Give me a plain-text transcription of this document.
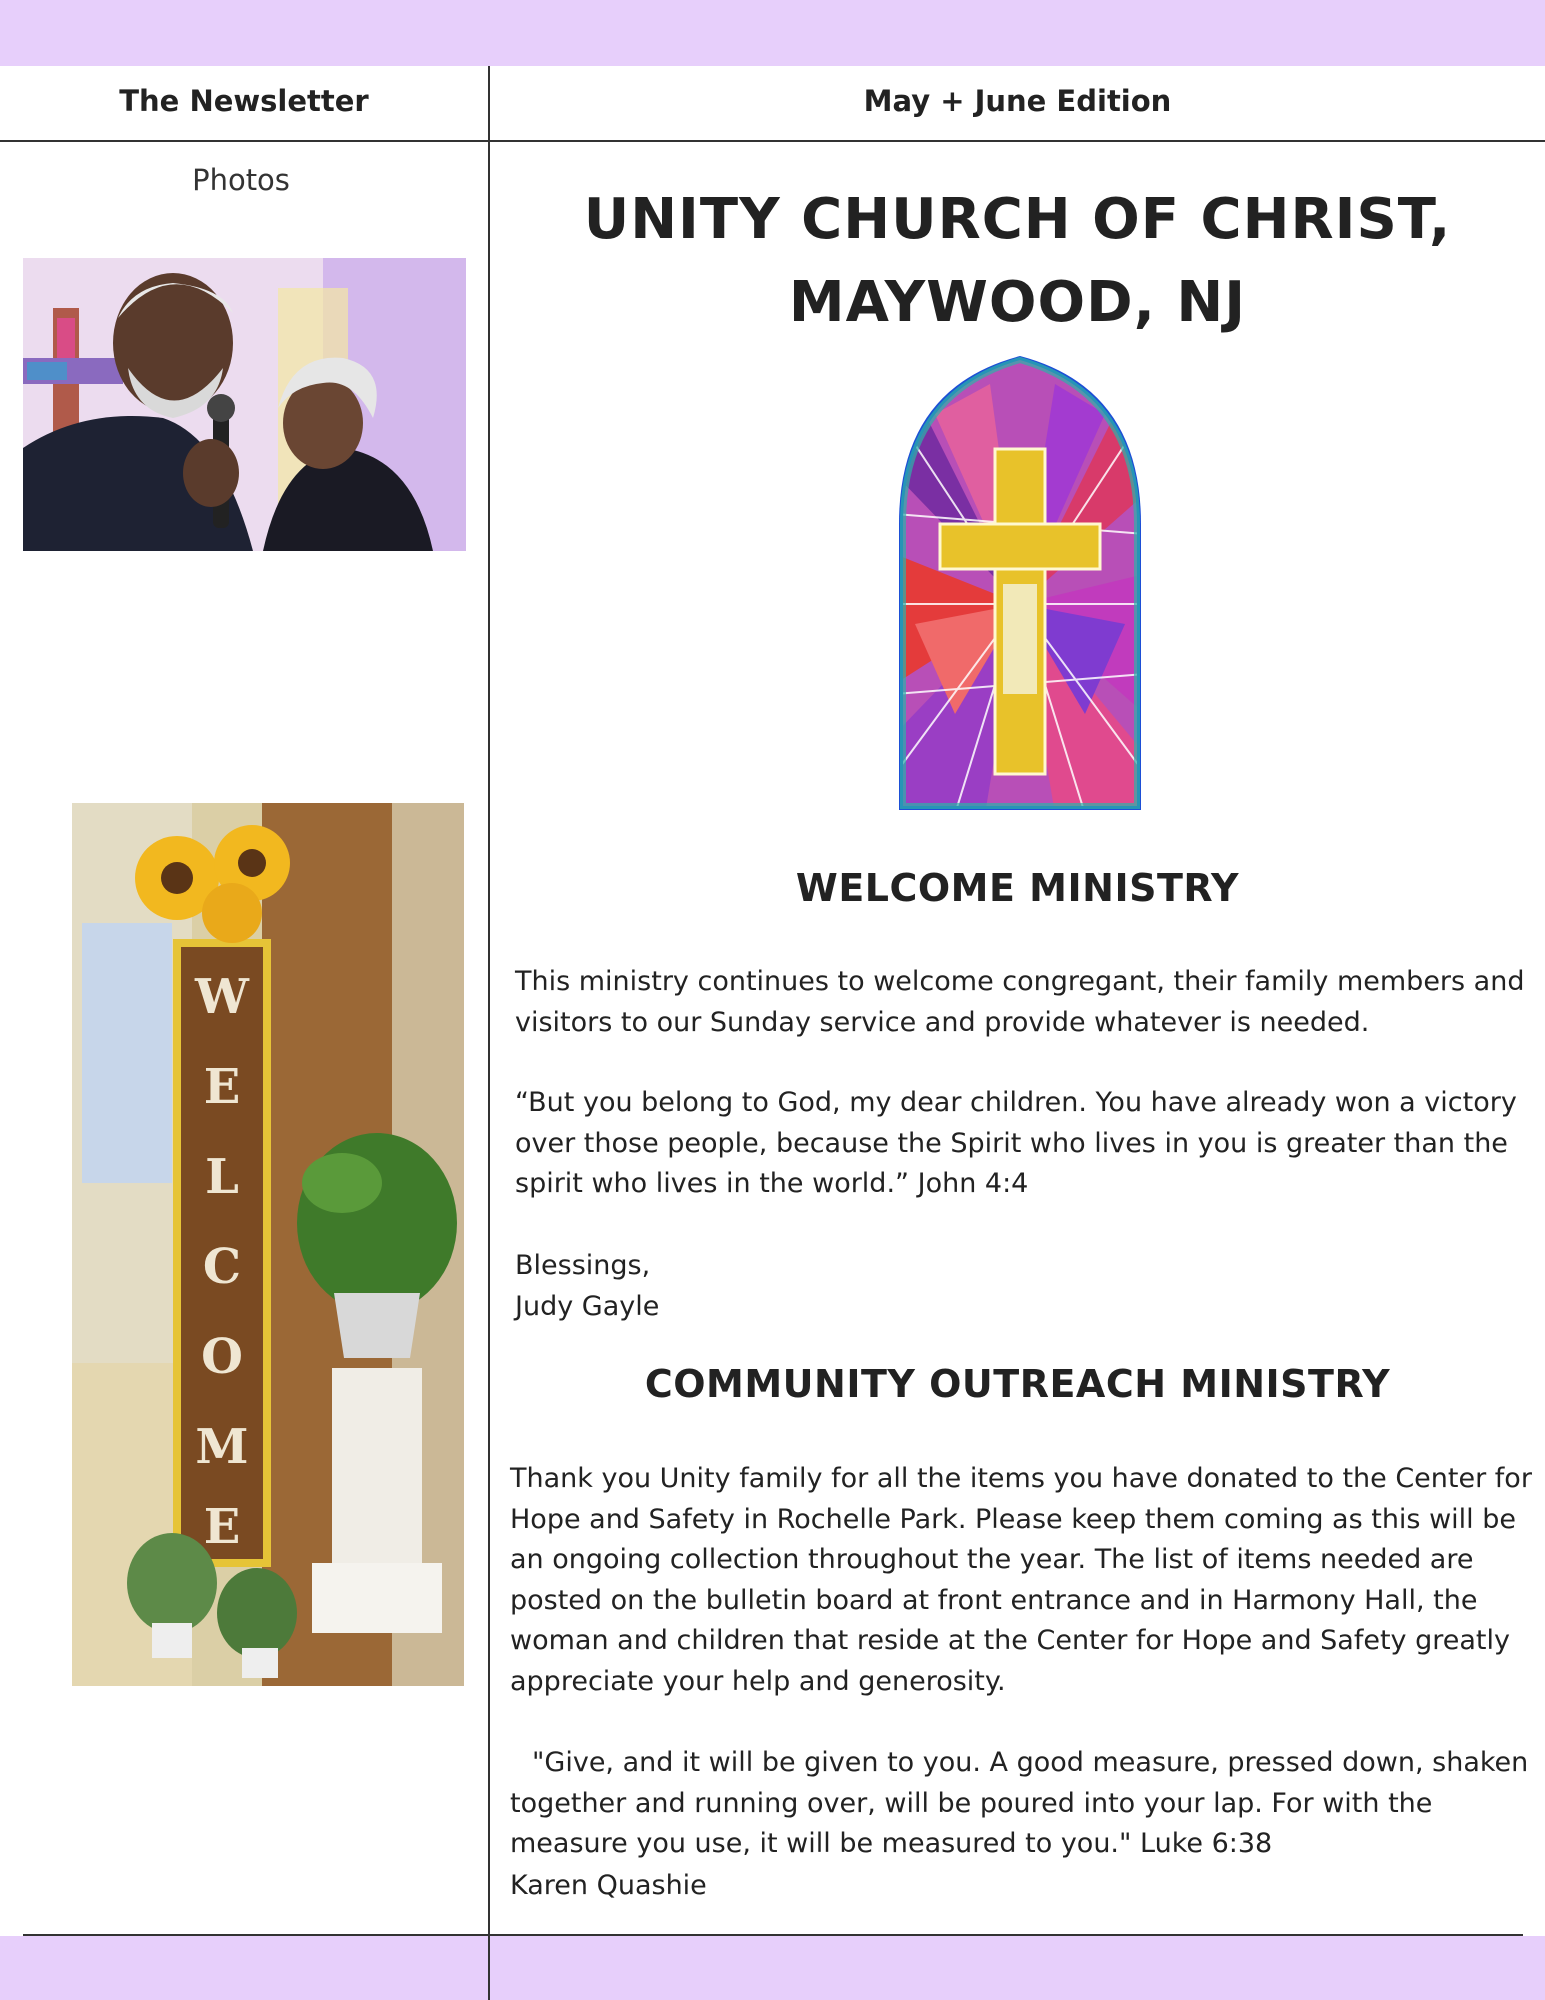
The Newsletter	May + June Edition
Photos
W
E
L
C
O
M
E
UNITY CHURCH OF CHRIST,
MAYWOOD, NJ
WELCOME MINISTRY

This ministry continues to welcome congregant, their family members and visitors to our Sunday service and provide whatever is needed.

“But you belong to God, my dear children. You have already won a victory over those people, because the Spirit who lives in you is greater than the spirit who lives in the world.” John 4:4

Blessings,

Judy Gayle

COMMUNITY OUTREACH MINISTRY

Thank you Unity family for all the items you have donated to the Center for Hope and Safety in Rochelle Park. Please keep them coming as this will be an ongoing collection throughout the year. The list of items needed are posted on the bulletin board at front entrance and in Harmony Hall, the woman and children that reside at the Center for Hope and Safety greatly appreciate your help and generosity.

"Give, and it will be given to you. A good measure, pressed down, shaken together and running over, will be poured into your lap. For with the measure you use, it will be measured to you." Luke 6:38

Karen Quashie
